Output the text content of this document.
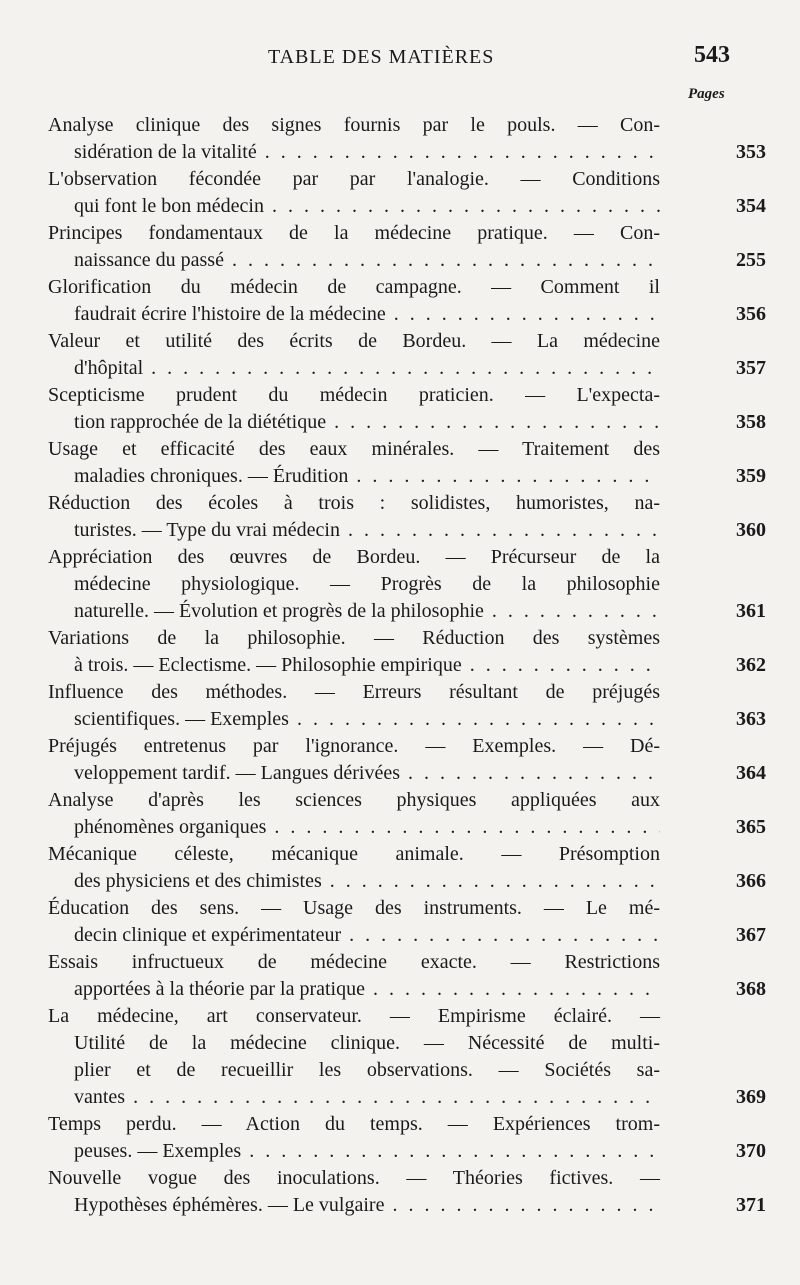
TABLE DES MATIÈRES	543
Pages
Analyse clinique des signes fournis par le pouls. — Con-
sidération de la vitalité . . .	353
L'observation fécondée par par l'analogie. — Conditions
qui font le bon médecin . . .	354
Principes fondamentaux de la médecine pratique. — Con-
naissance du passé . . .	255
Glorification du médecin de campagne. — Comment il
faudrait écrire l'histoire de la médecine . . .	356
Valeur et utilité des écrits de Bordeu. — La médecine
d'hôpital . . .	357
Scepticisme prudent du médecin praticien. — L'expecta-
tion rapprochée de la diététique . . .	358
Usage et efficacité des eaux minérales. — Traitement des
maladies chroniques. — Érudition . . .	359
Réduction des écoles à trois : solidistes, humoristes, na-
turistes. — Type du vrai médecin . . .	360
Appréciation des œuvres de Bordeu. — Précurseur de la
médecine physiologique. — Progrès de la philosophie
naturelle. — Évolution et progrès de la philosophie . . .	361
Variations de la philosophie. — Réduction des systèmes
à trois. — Eclectisme. — Philosophie empirique . . .	362
Influence des méthodes. — Erreurs résultant de préjugés
scientifiques. — Exemples . . .	363
Préjugés entretenus par l'ignorance. — Exemples. — Dé-
veloppement tardif. — Langues dérivées . . .	364
Analyse d'après les sciences physiques appliquées aux
phénomènes organiques . . .	365
Mécanique céleste, mécanique animale. — Présomption
des physiciens et des chimistes . . .	366
Éducation des sens. — Usage des instruments. — Le mé-
decin clinique et expérimentateur . . .	367
Essais infructueux de médecine exacte. — Restrictions
apportées à la théorie par la pratique . . .	368
La médecine, art conservateur. — Empirisme éclairé. —
Utilité de la médecine clinique. — Nécessité de multi-
plier et de recueillir les observations. — Sociétés sa-
vantes . . .	369
Temps perdu. — Action du temps. — Expériences trom-
peuses. — Exemples . . .	370
Nouvelle vogue des inoculations. — Théories fictives. —
Hypothèses éphémères. — Le vulgaire . . .	371
